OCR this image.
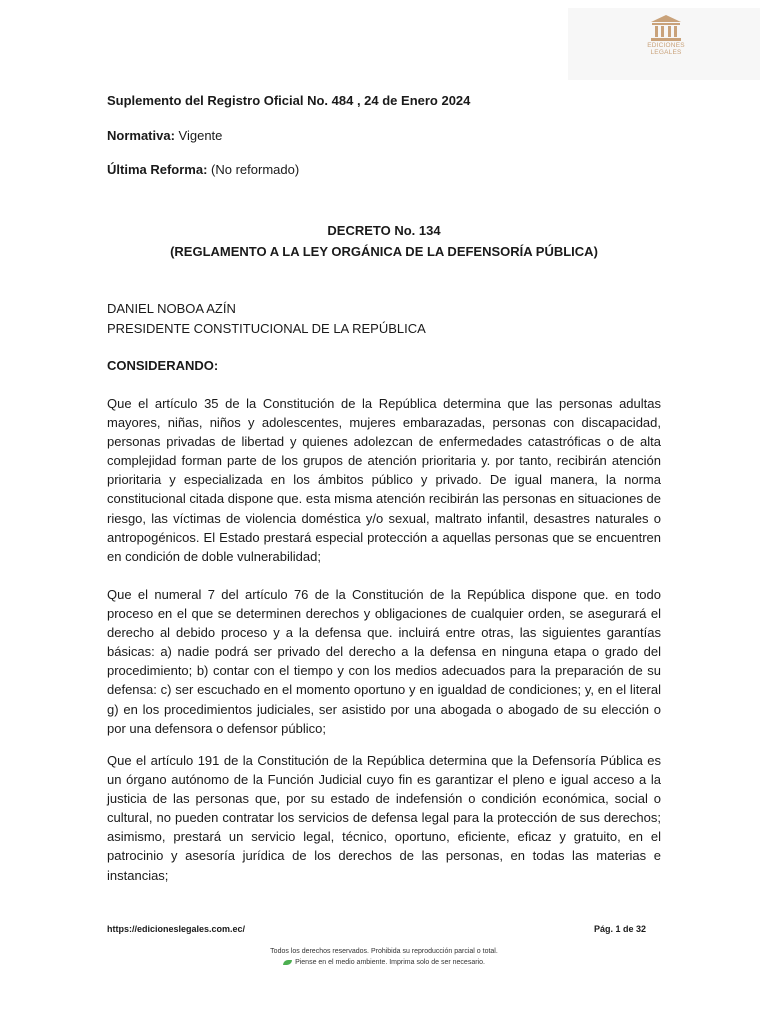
EDICIONES
LEGALES
Suplemento del Registro Oficial No. 484 , 24 de Enero 2024
Normativa: Vigente
Última Reforma: (No reformado)
DECRETO No. 134
(REGLAMENTO A LA LEY ORGÁNICA DE LA DEFENSORÍA PÚBLICA)
DANIEL NOBOA AZÍN
PRESIDENTE CONSTITUCIONAL DE LA REPÚBLICA
CONSIDERANDO:

Que el artículo 35 de la Constitución de la República determina que las personas adultas mayores, niñas, niños y adolescentes, mujeres embarazadas, personas con discapacidad, personas privadas de libertad y quienes adolezcan de enfermedades catastróficas o de alta complejidad forman parte de los grupos de atención prioritaria y. por tanto, recibirán atención prioritaria y especializada en los ámbitos público y privado. De igual manera, la norma constitucional citada dispone que. esta misma atención recibirán las personas en situaciones de riesgo, las víctimas de violencia doméstica y/o sexual, maltrato infantil, desastres naturales o antropogénicos. El Estado prestará especial protección a aquellas personas que se encuentren en condición de doble vulnerabilidad;

Que el numeral 7 del artículo 76 de la Constitución de la República dispone que. en todo proceso en el que se determinen derechos y obligaciones de cualquier orden, se asegurará el derecho al debido proceso y a la defensa que. incluirá entre otras, las siguientes garantías básicas: a) nadie podrá ser privado del derecho a la defensa en ninguna etapa o grado del procedimiento; b) contar con el tiempo y con los medios adecuados para la preparación de su defensa: c) ser escuchado en el momento oportuno y en igualdad de condiciones; y, en el literal g) en los procedimientos judiciales, ser asistido por una abogada o abogado de su elección o por una defensora o defensor público;

Que el artículo 191 de la Constitución de la República determina que la Defensoría Pública es un órgano autónomo de la Función Judicial cuyo fin es garantizar el pleno e igual acceso a la justicia de las personas que, por su estado de indefensión o condición económica, social o cultural, no pueden contratar los servicios de defensa legal para la protección de sus derechos; asimismo, prestará un servicio legal, técnico, oportuno, eficiente, eficaz y gratuito, en el patrocinio y asesoría jurídica de los derechos de las personas, en todas las materias e instancias;

https://edicioneslegales.com.ec/	Pág. 1 de 32
Todos los derechos reservados. Prohibida su reproducción parcial o total.
Piense en el medio ambiente. Imprima solo de ser necesario.
